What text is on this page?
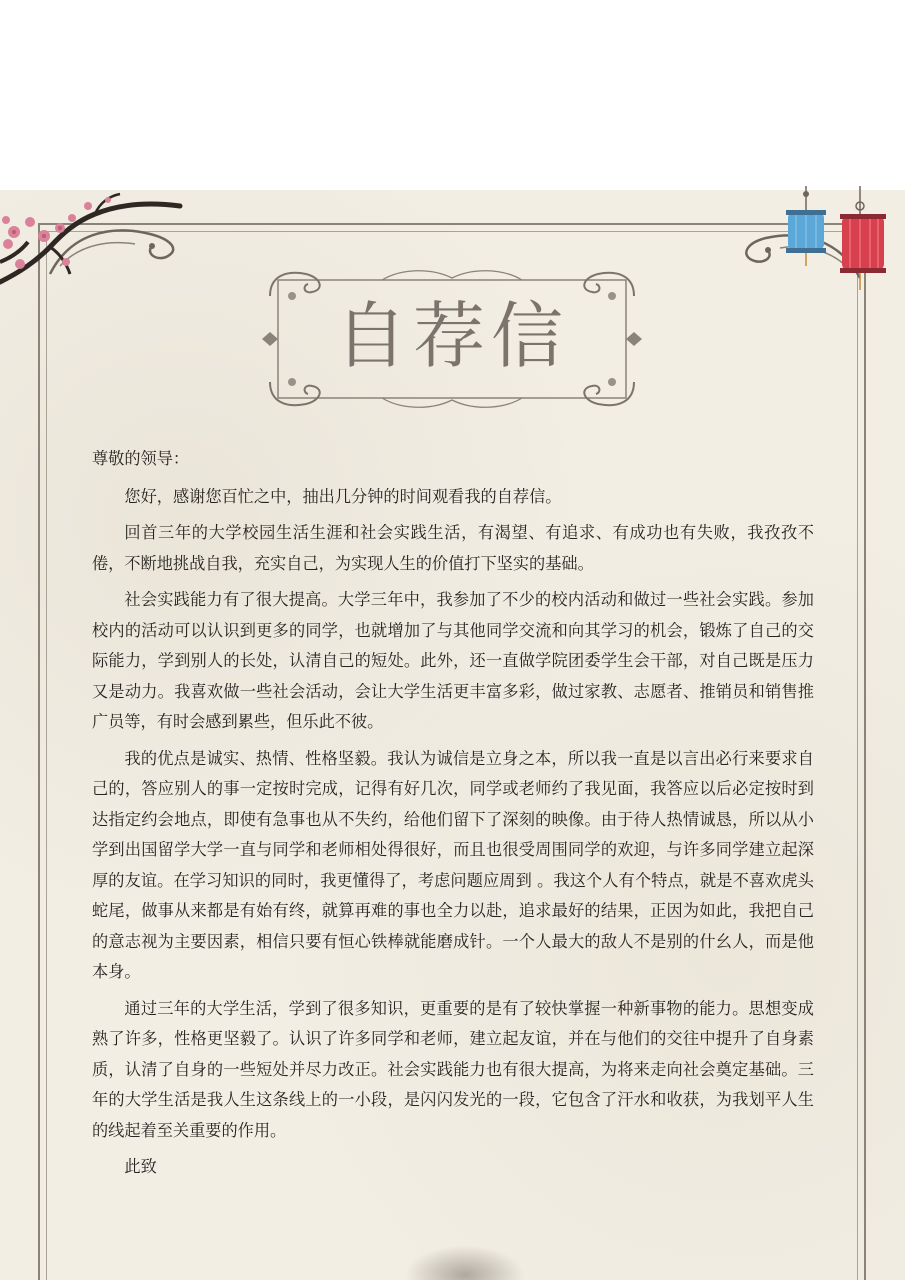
自荐信

尊敬的领导：

您好，感谢您百忙之中，抽出几分钟的时间观看我的自荐信。

回首三年的大学校园生活生涯和社会实践生活，有渴望、有追求、有成功也有失败，我孜孜不倦，不断地挑战自我，充实自己，为实现人生的价值打下坚实的基础。

社会实践能力有了很大提高。大学三年中，我参加了不少的校内活动和做过一些社会实践。参加校内的活动可以认识到更多的同学，也就增加了与其他同学交流和向其学习的机会，锻炼了自己的交际能力，学到别人的长处，认清自己的短处。此外，还一直做学院团委学生会干部，对自己既是压力又是动力。我喜欢做一些社会活动，会让大学生活更丰富多彩，做过家教、志愿者、推销员和销售推广员等，有时会感到累些，但乐此不彼。

我的优点是诚实、热情、性格坚毅。我认为诚信是立身之本，所以我一直是以言出必行来要求自己的，答应别人的事一定按时完成，记得有好几次，同学或老师约了我见面，我答应以后必定按时到达指定约会地点，即使有急事也从不失约，给他们留下了深刻的映像。由于待人热情诚恳，所以从小学到出国留学大学一直与同学和老师相处得很好，而且也很受周围同学的欢迎，与许多同学建立起深厚的友谊。在学习知识的同时，我更懂得了，考虑问题应周到 。我这个人有个特点，就是不喜欢虎头蛇尾，做事从来都是有始有终，就算再难的事也全力以赴，追求最好的结果，正因为如此，我把自己的意志视为主要因素，相信只要有恒心铁棒就能磨成针。一个人最大的敌人不是别的什幺人，而是他本身。

通过三年的大学生活，学到了很多知识，更重要的是有了较快掌握一种新事物的能力。思想变成熟了许多，性格更坚毅了。认识了许多同学和老师，建立起友谊，并在与他们的交往中提升了自身素质，认清了自身的一些短处并尽力改正。社会实践能力也有很大提高，为将来走向社会奠定基础。三年的大学生活是我人生这条线上的一小段，是闪闪发光的一段，它包含了汗水和收获，为我划平人生的线起着至关重要的作用。

此致
